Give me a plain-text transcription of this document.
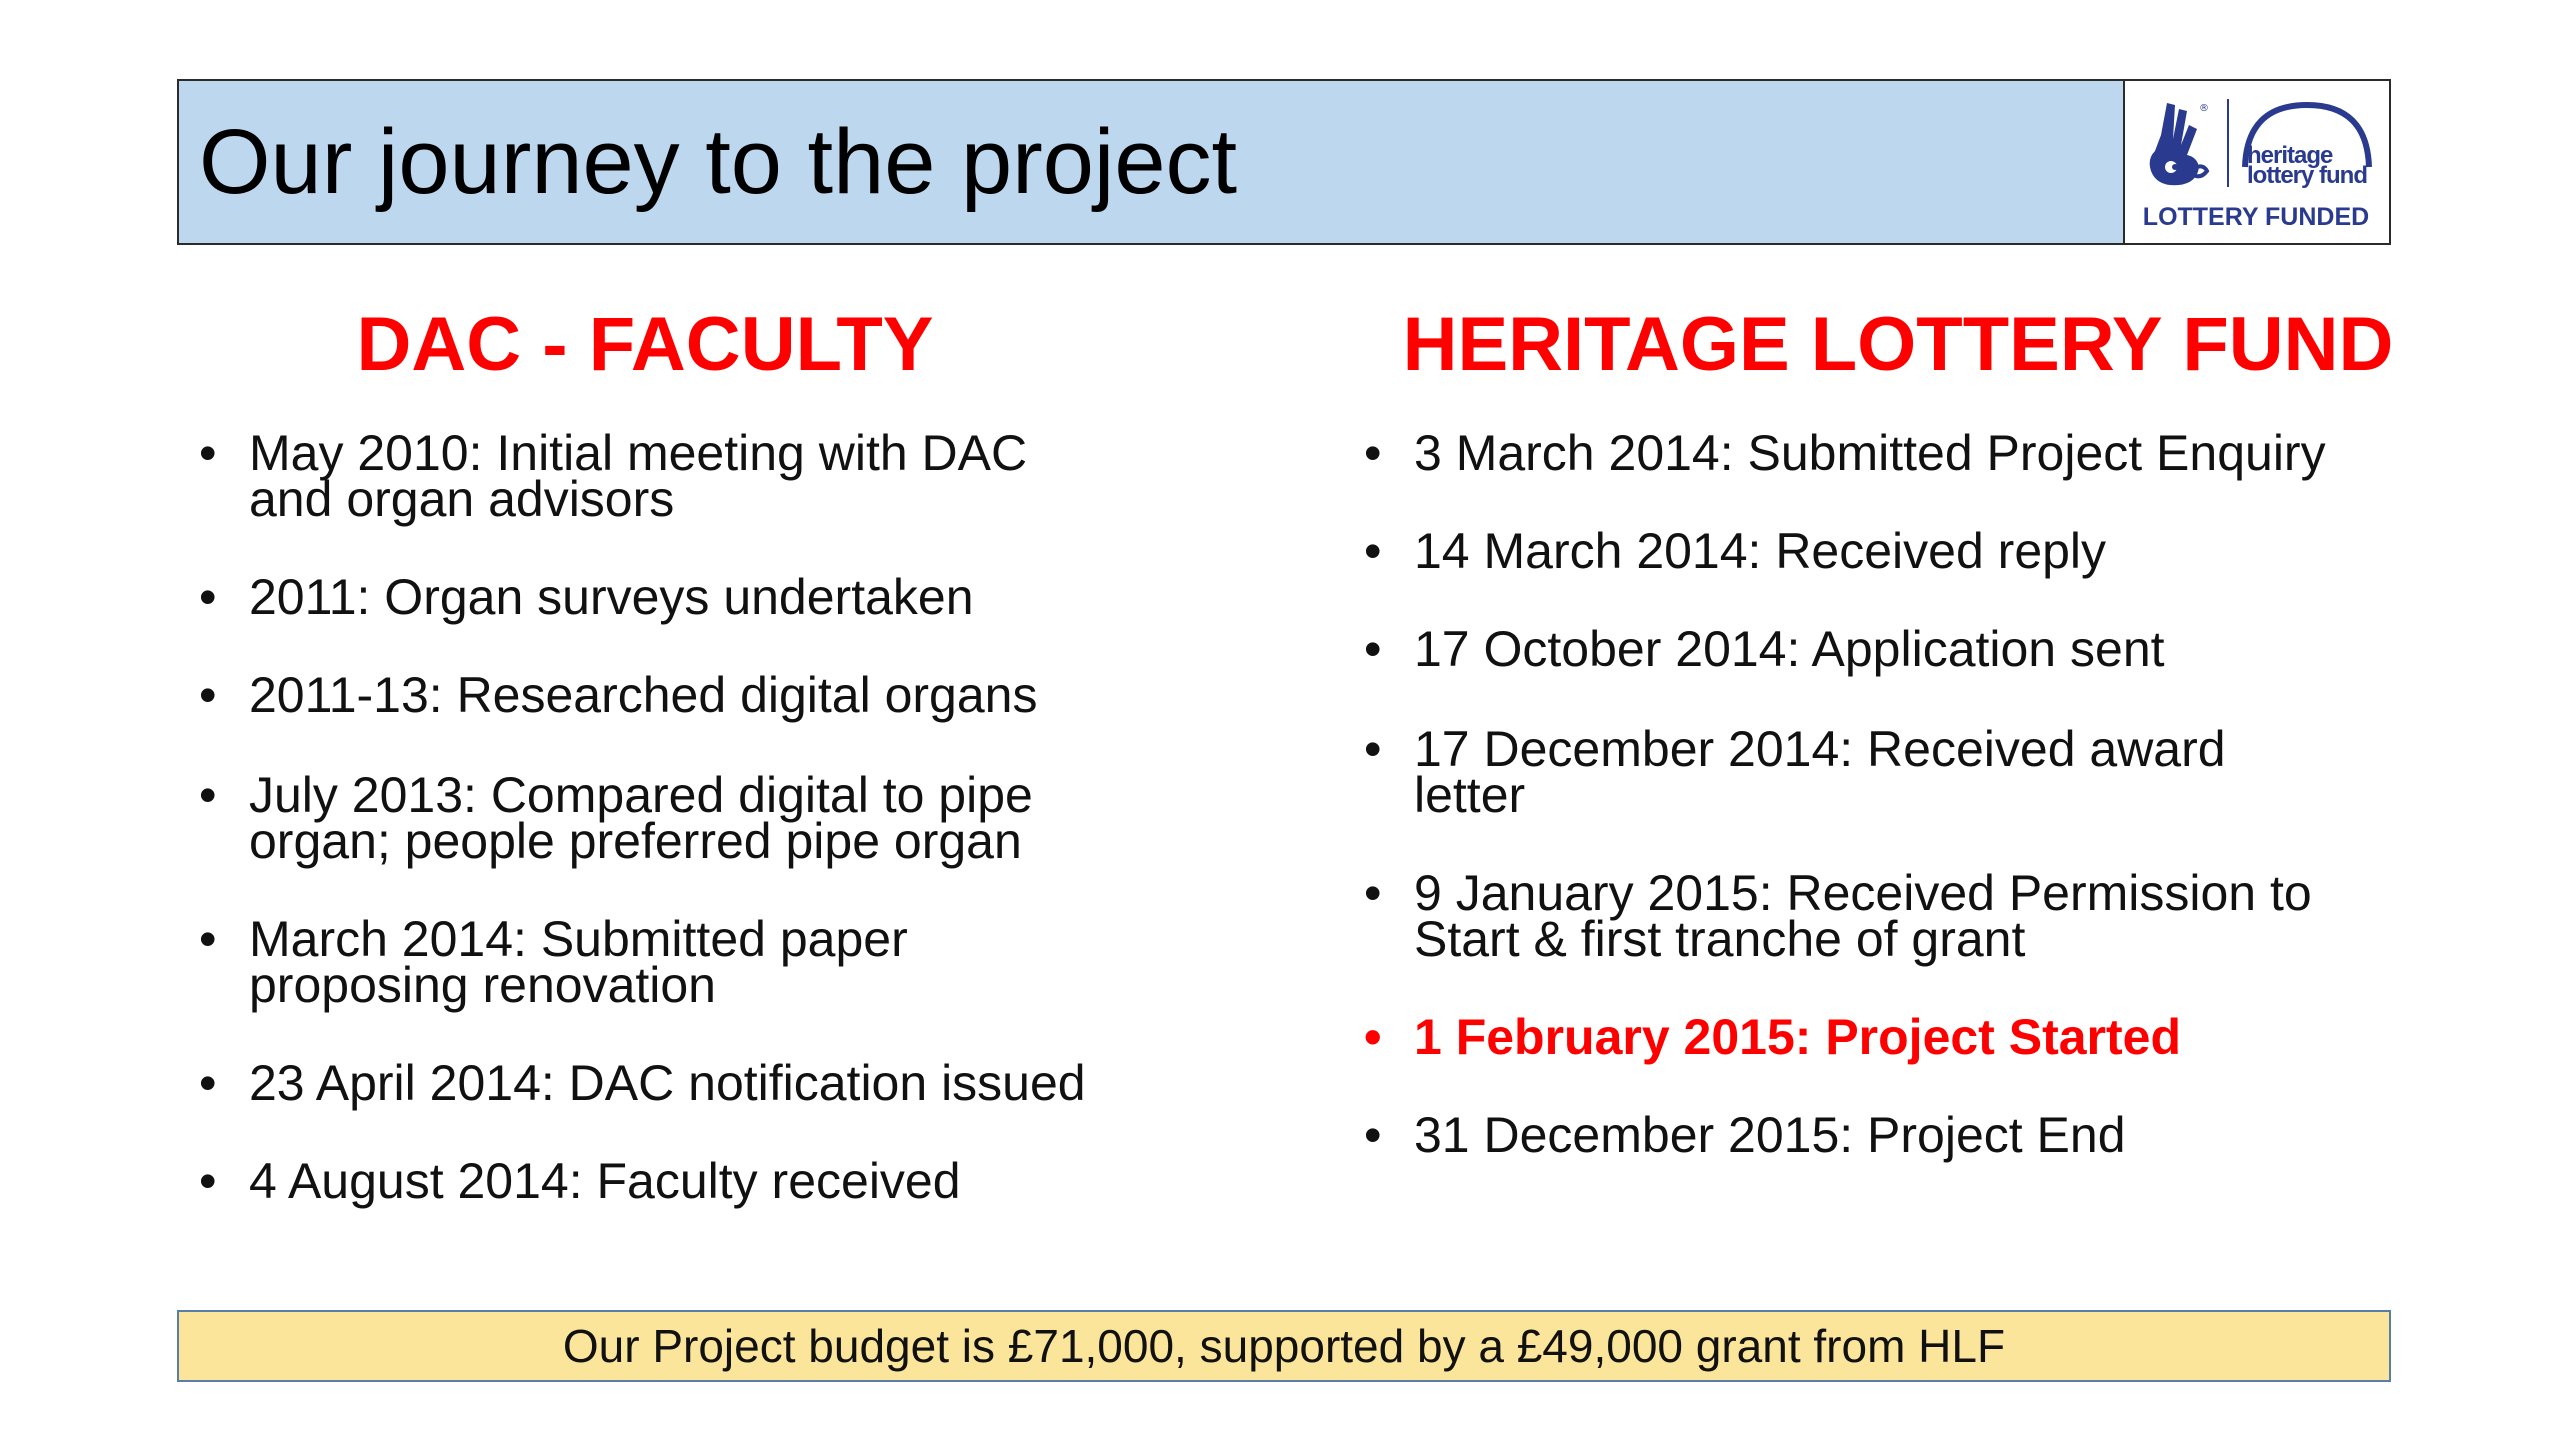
Our journey to the project
®
heritage
lottery fund
LOTTERY FUNDED
DAC - FACULTY
• May 2010: Initial meeting with DAC
and organ advisors
• 2011: Organ surveys undertaken
• 2011-13: Researched digital organs
• July 2013: Compared digital to pipe
organ; people preferred pipe organ
• March 2014: Submitted paper
proposing renovation
• 23 April 2014: DAC notification issued
• 4 August 2014: Faculty received
HERITAGE LOTTERY FUND
• 3 March 2014: Submitted Project Enquiry
• 14 March 2014: Received reply
• 17 October 2014: Application sent
• 17 December 2014: Received award
letter
• 9 January 2015: Received Permission to
Start & first tranche of grant
• 1 February 2015: Project Started
• 31 December 2015: Project End
Our Project budget is £71,000, supported by a £49,000 grant from HLF
